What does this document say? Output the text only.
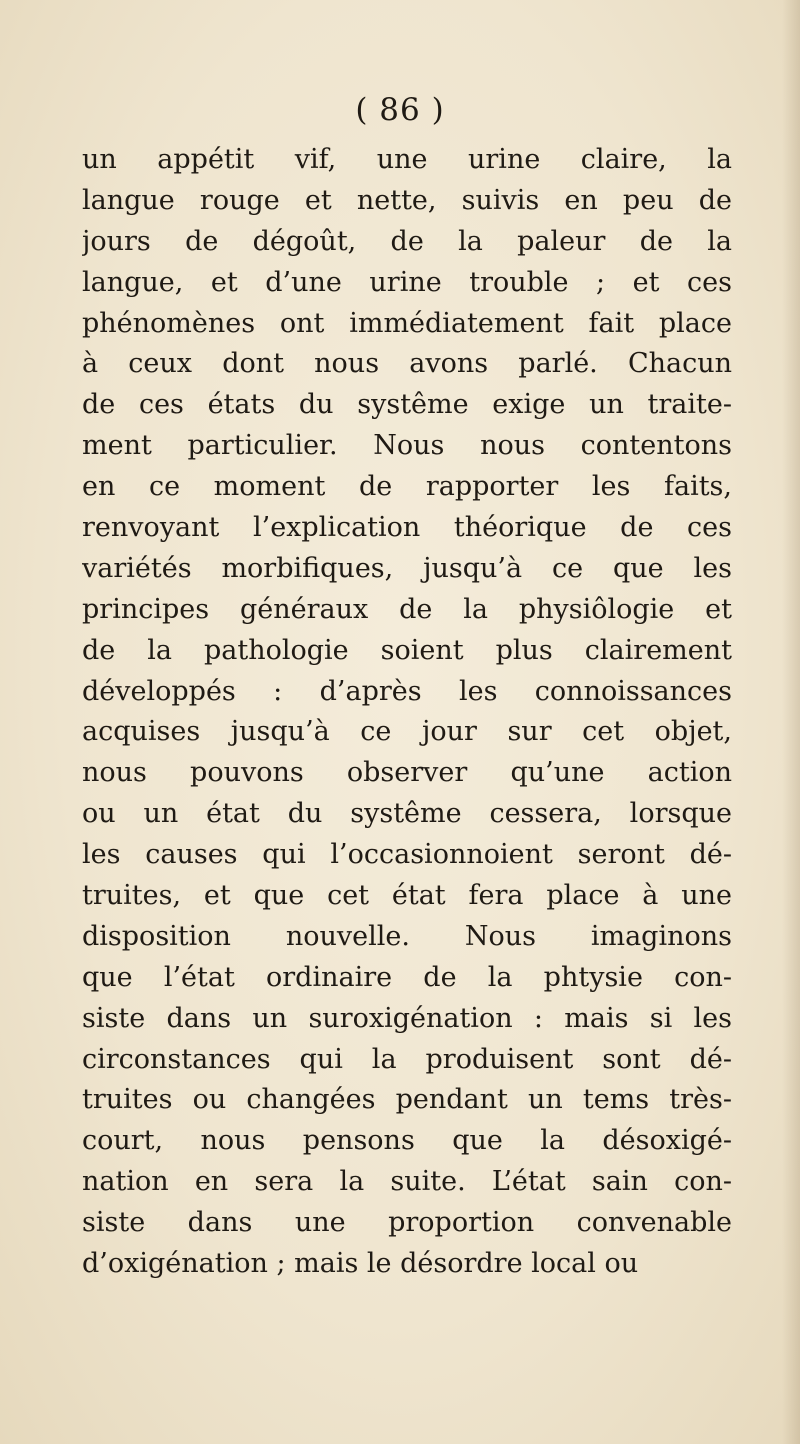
( 86 )
un appétit vif, une urine claire, la
langue rouge et nette, suivis en peu de
jours de dégoût, de la paleur de la
langue, et d’une urine trouble ; et ces
phénomènes ont immédiatement fait place
à ceux dont nous avons parlé. Chacun
de ces états du systême exige un traite-
ment particulier. Nous nous contentons
en ce moment de rapporter les faits,
renvoyant l’explication théorique de ces
variétés morbifiques, jusqu’à ce que les
principes généraux de la physiôlogie et
de la pathologie soient plus clairement
développés : d’après les connoissances
acquises jusqu’à ce jour sur cet objet,
nous pouvons observer qu’une action
ou un état du systême cessera, lorsque
les causes qui l’occasionnoient seront dé-
truites, et que cet état fera place à une
disposition nouvelle. Nous imaginons
que l’état ordinaire de la phtysie con-
siste dans un suroxigénation : mais si les
circonstances qui la produisent sont dé-
truites ou changées pendant un tems très-
court, nous pensons que la désoxigé-
nation en sera la suite. L’état sain con-
siste dans une proportion convenable
d’oxigénation ; mais le désordre local ou
